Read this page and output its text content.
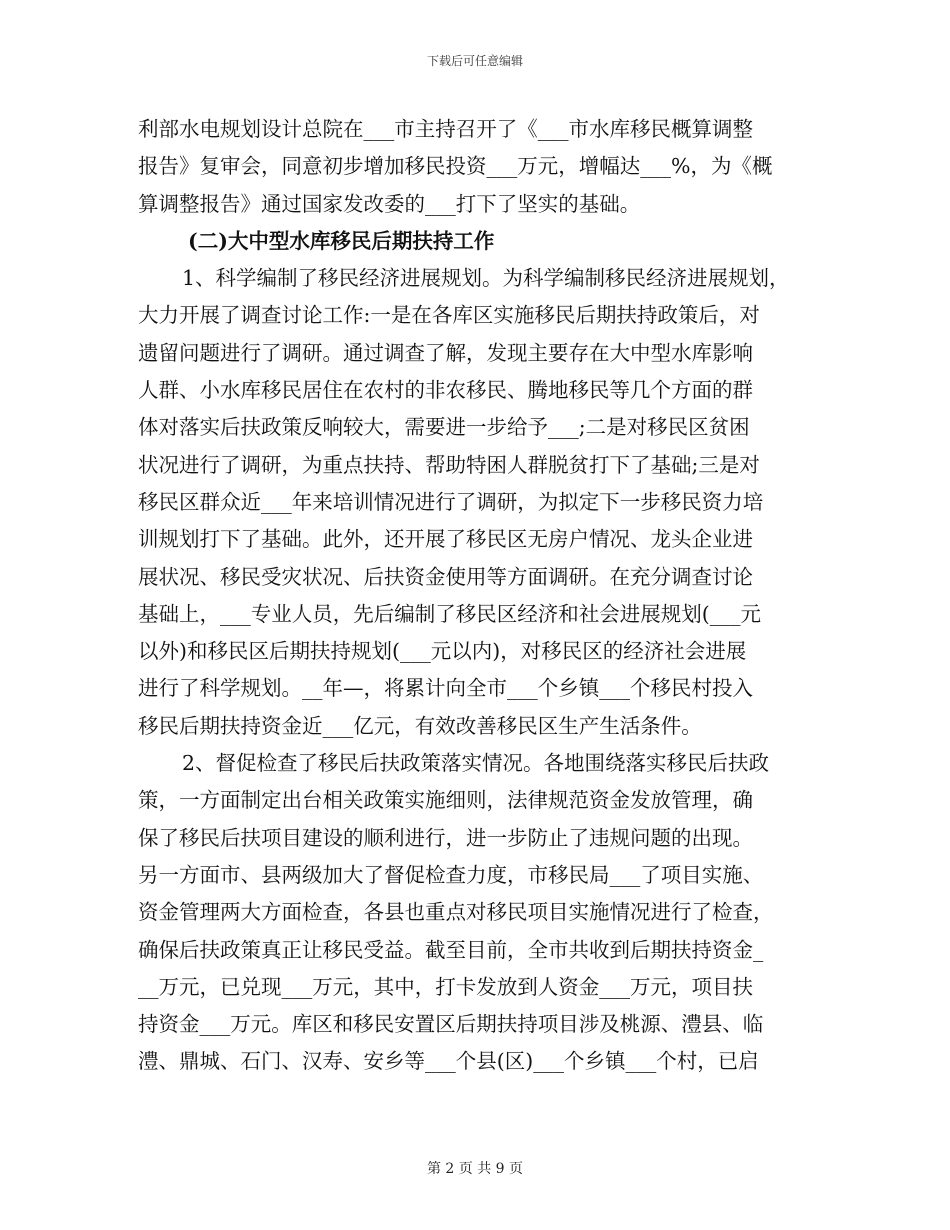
下载后可任意编辑
利部水电规划设计总院在___市主持召开了《___市水库移民概算调整
报告》复审会，同意初步增加移民投资___万元，增幅达___%，为《概
算调整报告》通过国家发改委的___打下了坚实的基础。
(二)大中型水库移民后期扶持工作
1、科学编制了移民经济进展规划。为科学编制移民经济进展规划，
大力开展了调查讨论工作:一是在各库区实施移民后期扶持政策后，对
遗留问题进行了调研。通过调查了解，发现主要存在大中型水库影响
人群、小水库移民居住在农村的非农移民、腾地移民等几个方面的群
体对落实后扶政策反响较大，需要进一步给予___;二是对移民区贫困
状况进行了调研，为重点扶持、帮助特困人群脱贫打下了基础;三是对
移民区群众近___年来培训情况进行了调研，为拟定下一步移民资力培
训规划打下了基础。此外，还开展了移民区无房户情况、龙头企业进
展状况、移民受灾状况、后扶资金使用等方面调研。在充分调查讨论
基础上，___专业人员，先后编制了移民区经济和社会进展规划(___元
以外)和移民区后期扶持规划(___元以内)，对移民区的经济社会进展
进行了科学规划。__年—，将累计向全市___个乡镇___个移民村投入
移民后期扶持资金近___亿元，有效改善移民区生产生活条件。
2、督促检查了移民后扶政策落实情况。各地围绕落实移民后扶政
策，一方面制定出台相关政策实施细则，法律规范资金发放管理，确
保了移民后扶项目建设的顺利进行，进一步防止了违规问题的出现。
另一方面市、县两级加大了督促检查力度，市移民局___了项目实施、
资金管理两大方面检查，各县也重点对移民项目实施情况进行了检查，
确保后扶政策真正让移民受益。截至目前，全市共收到后期扶持资金_
__万元，已兑现___万元，其中，打卡发放到人资金___万元，项目扶
持资金___万元。库区和移民安置区后期扶持项目涉及桃源、澧县、临
澧、鼎城、石门、汉寿、安乡等___个县(区)___个乡镇___个村，已启
第 2 页 共 9 页
